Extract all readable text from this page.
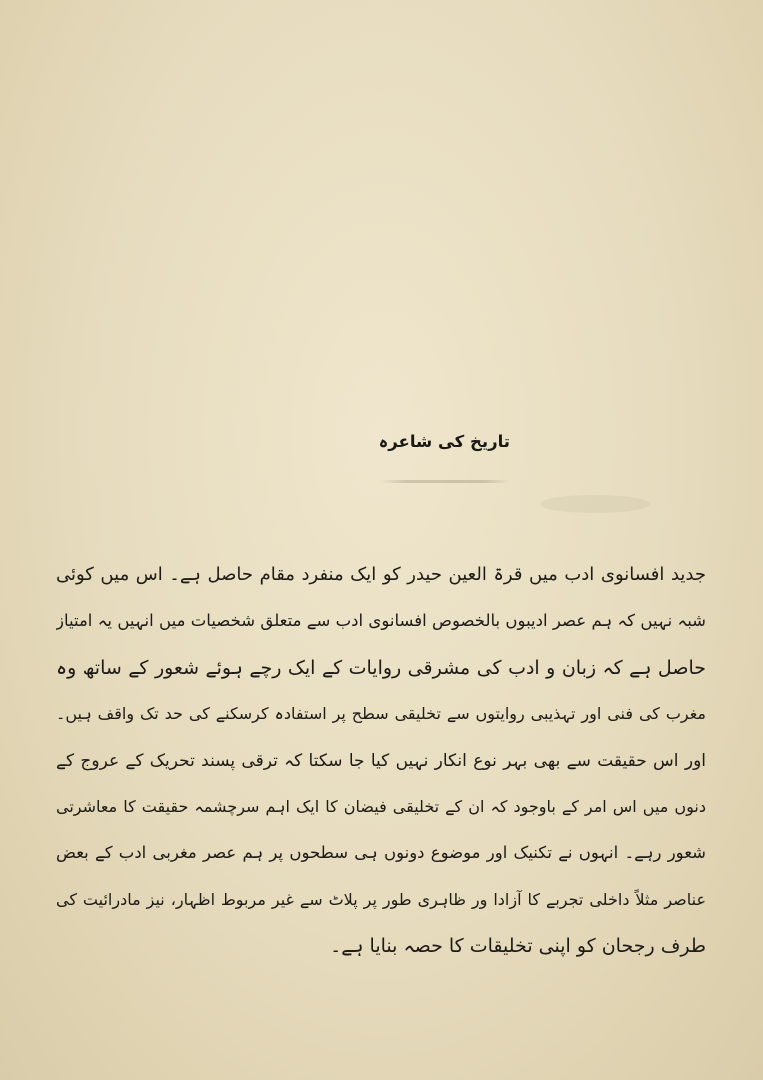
تاریخ کی شاعرہ
جدید افسانوی ادب میں قرۃ العین حیدر کو ایک منفرد مقام حاصل ہے۔ اس میں کوئی
شبہ نہیں کہ ہم عصر ادیبوں بالخصوص افسانوی ادب سے متعلق شخصیات میں انہیں یہ امتیاز
حاصل ہے کہ زبان و ادب کی مشرقی روایات کے ایک رچے ہوئے شعور کے ساتھ وہ
مغرب کی فنی اور تہذیبی روایتوں سے تخلیقی سطح پر استفادہ کرسکنے کی حد تک واقف ہیں۔
اور اس حقیقت سے بھی بہر نوع انکار نہیں کیا جا سکتا کہ ترقی پسند تحریک کے عروج کے
دنوں میں اس امر کے باوجود کہ ان کے تخلیقی فیضان کا ایک اہم سرچشمہ حقیقت کا معاشرتی
شعور رہے۔ انہوں نے تکنیک اور موضوع دونوں ہی سطحوں پر ہم عصر مغربی ادب کے بعض
عناصر مثلاً داخلی تجربے کا آزادا ور ظاہری طور پر پلاٹ سے غیر مربوط اظہار، نیز مادرائیت کی
طرف رجحان کو اپنی تخلیقات کا حصہ بنایا ہے۔
